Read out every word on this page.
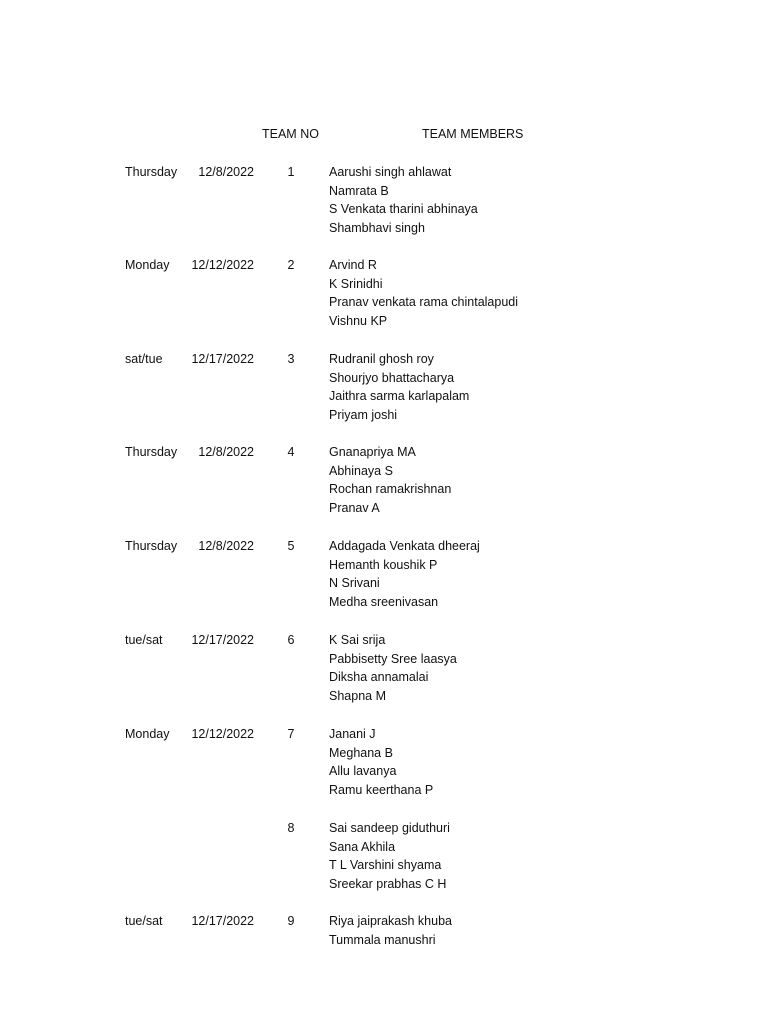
TEAM NO	TEAM MEMBERS
Thursday 12/8/2022	1	Aarushi singh ahlawat
Namrata B
S Venkata tharini abhinaya
Shambhavi singh
Monday 12/12/2022	2	Arvind R
K Srinidhi
Pranav venkata rama chintalapudi
Vishnu KP
sat/tue 12/17/2022	3	Rudranil ghosh roy
Shourjyo bhattacharya
Jaithra sarma karlapalam
Priyam joshi
Thursday 12/8/2022	4	Gnanapriya MA
Abhinaya S
Rochan ramakrishnan
Pranav A
Thursday 12/8/2022	5	Addagada Venkata dheeraj
Hemanth koushik P
N Srivani
Medha sreenivasan
tue/sat 12/17/2022	6	K Sai srija
Pabbisetty Sree laasya
Diksha annamalai
Shapna M
Monday 12/12/2022	7	Janani J
Meghana B
Allu lavanya
Ramu keerthana P
8	Sai sandeep giduthuri
Sana Akhila
T L Varshini shyama
Sreekar prabhas C H
tue/sat 12/17/2022	9	Riya jaiprakash khuba
Tummala manushri
